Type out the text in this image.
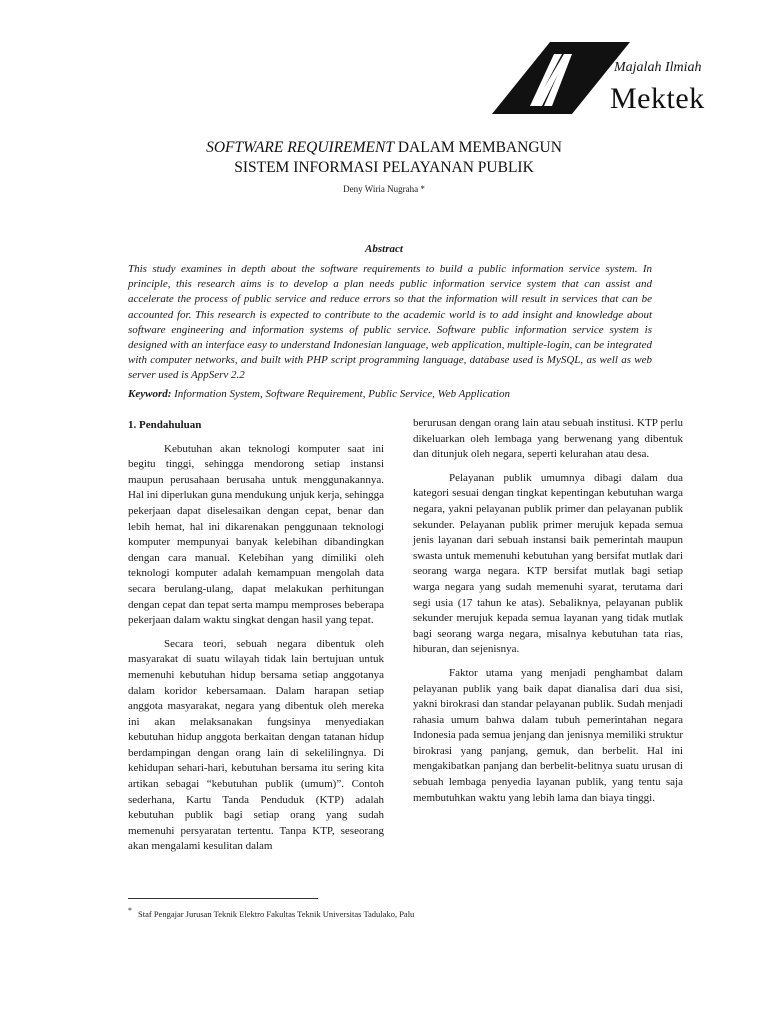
Majalah Ilmiah
Mektek
SOFTWARE REQUIREMENT DALAM MEMBANGUN
SISTEM INFORMASI PELAYANAN PUBLIK
Deny Wiria Nugraha *
Abstract

This study examines in depth about the software requirements to build a public information service system. In principle, this research aims is to develop a plan needs public information service system that can assist and accelerate the process of public service and reduce errors so that the information will result in services that can be accounted for. This research is expected to contribute to the academic world is to add insight and knowledge about software engineering and information systems of public service. Software public information service system is designed with an interface easy to understand Indonesian language, web application, multiple-login, can be integrated with computer networks, and built with PHP script programming language, database used is MySQL, as well as web server used is AppServ 2.2

Keyword: Information System, Software Requirement, Public Service, Web Application

1. Pendahuluan

Kebutuhan akan teknologi komputer saat ini begitu tinggi, sehingga mendorong setiap instansi maupun perusahaan berusaha untuk menggunakannya. Hal ini diperlukan guna mendukung unjuk kerja, sehingga pekerjaan dapat diselesaikan dengan cepat, benar dan lebih hemat, hal ini dikarenakan penggunaan teknologi komputer mempunyai banyak kelebihan dibandingkan dengan cara manual. Kelebihan yang dimiliki oleh teknologi komputer adalah kemampuan mengolah data secara berulang-ulang, dapat melakukan perhitungan dengan cepat dan tepat serta mampu memproses beberapa pekerjaan dalam waktu singkat dengan hasil yang tepat.

Secara teori, sebuah negara dibentuk oleh masyarakat di suatu wilayah tidak lain bertujuan untuk memenuhi kebutuhan hidup bersama setiap anggotanya dalam koridor kebersamaan. Dalam harapan setiap anggota masyarakat, negara yang dibentuk oleh mereka ini akan melaksanakan fungsinya menyediakan kebutuhan hidup anggota berkaitan dengan tatanan hidup berdampingan dengan orang lain di sekelilingnya. Di kehidupan sehari-hari, kebutuhan bersama itu sering kita artikan sebagai “kebutuhan publik (umum)”. Contoh sederhana, Kartu Tanda Penduduk (KTP) adalah kebutuhan publik bagi setiap orang yang sudah memenuhi persyaratan tertentu. Tanpa KTP, seseorang akan mengalami kesulitan dalam

berurusan dengan orang lain atau sebuah institusi. KTP perlu dikeluarkan oleh lembaga yang berwenang yang dibentuk dan ditunjuk oleh negara, seperti kelurahan atau desa.

Pelayanan publik umumnya dibagi dalam dua kategori sesuai dengan tingkat kepentingan kebutuhan warga negara, yakni pelayanan publik primer dan pelayanan publik sekunder. Pelayanan publik primer merujuk kepada semua jenis layanan dari sebuah instansi baik pemerintah maupun swasta untuk memenuhi kebutuhan yang bersifat mutlak dari seorang warga negara. KTP bersifat mutlak bagi setiap warga negara yang sudah memenuhi syarat, terutama dari segi usia (17 tahun ke atas). Sebaliknya, pelayanan publik sekunder merujuk kepada semua layanan yang tidak mutlak bagi seorang warga negara, misalnya kebutuhan tata rias, hiburan, dan sejenisnya.

Faktor utama yang menjadi penghambat dalam pelayanan publik yang baik dapat dianalisa dari dua sisi, yakni birokrasi dan standar pelayanan publik. Sudah menjadi rahasia umum bahwa dalam tubuh pemerintahan negara Indonesia pada semua jenjang dan jenisnya memiliki struktur birokrasi yang panjang, gemuk, dan berbelit. Hal ini mengakibatkan panjang dan berbelit-belitnya suatu urusan di sebuah lembaga penyedia layanan publik, yang tentu saja membutuhkan waktu yang lebih lama dan biaya tinggi.

* Staf Pengajar Jurusan Teknik Elektro Fakultas Teknik Universitas Tadulako, Palu
